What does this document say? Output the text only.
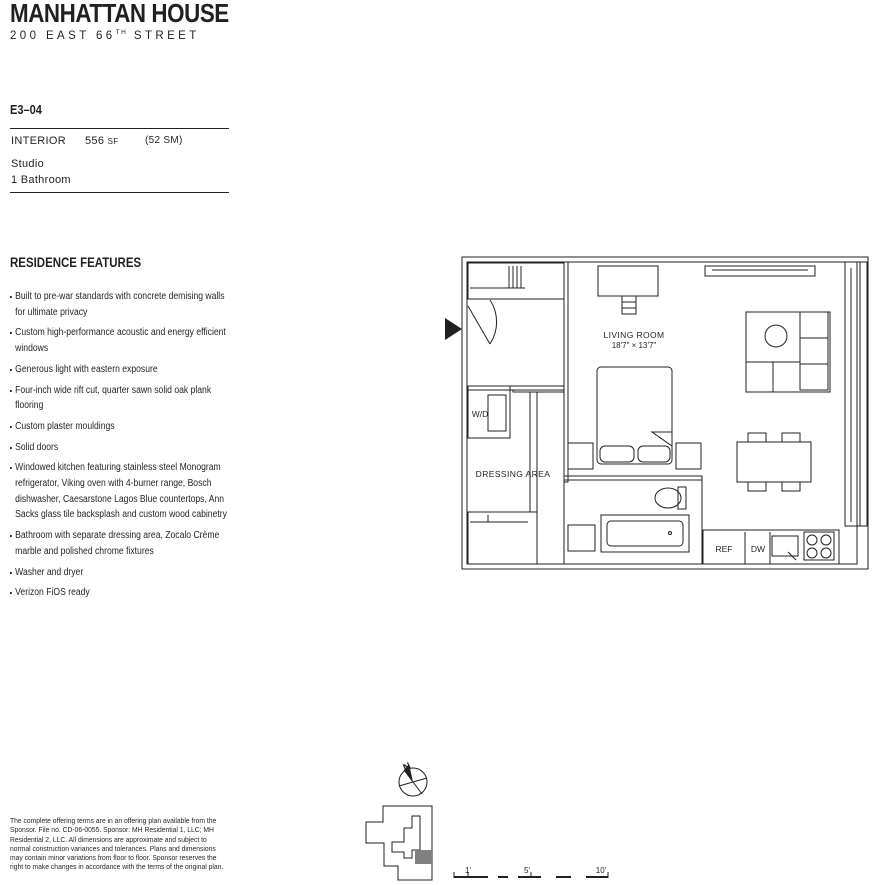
MANHATTAN HOUSE
200 EAST 66TH STREET
E3–04
INTERIOR 556 SF	(52 SM)
Studio
1 Bathroom
RESIDENCE FEATURES
Built to pre-war standards with concrete demising walls for ultimate privacy
Custom high-performance acoustic and energy efficient windows
Generous light with eastern exposure
Four-inch wide rift cut, quarter sawn solid oak plank flooring
Custom plaster mouldings
Solid doors
Windowed kitchen featuring stainless steel Monogram refrigerator, Viking oven with 4-burner range, Bosch dishwasher, Caesarstone Lagos Blue countertops, Ann Sacks glass tile backsplash and custom wood cabinetry
Bathroom with separate dressing area, Zocalo Crème marble and polished chrome fixtures
Washer and dryer
Verizon FiOS ready
LIVING ROOM
18'7" × 13'7"
DRESSING AREA
W/D
REF DW
N
1'	5'	10'
The complete offering terms are in an offering plan available from the Sponsor. File no. CD-06-0055. Sponsor: MH Residential 1, LLC; MH Residential 2, LLC. All dimensions are approximate and subject to normal construction variances and tolerances. Plans and dimensions may contain minor variations from floor to floor. Sponsor reserves the right to make changes in accordance with the terms of the original plan.
